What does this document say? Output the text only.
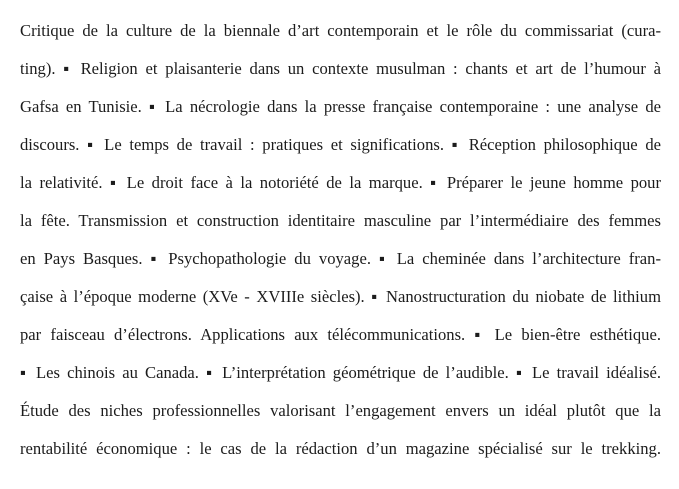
Critique de la culture de la biennale d’art contemporain et le rôle du commissariat (cura-
ting). ▪ Religion et plaisanterie dans un contexte musulman : chants et art de l’humour à
Gafsa en Tunisie. ▪ La nécrologie dans la presse française contemporaine : une analyse de
discours. ▪ Le temps de travail : pratiques et significations. ▪ Réception philosophique de
la relativité. ▪ Le droit face à la notoriété de la marque. ▪ Préparer le jeune homme pour
la fête. Transmission et construction identitaire masculine par l’intermédiaire des femmes
en Pays Basques. ▪ Psychopathologie du voyage. ▪ La cheminée dans l’architecture fran-
çaise à l’époque moderne (XVe - XVIIIe siècles). ▪ Nanostructuration du niobate de lithium
par faisceau d’électrons. Applications aux télécommunications. ▪ Le bien-être esthétique.
▪ Les chinois au Canada. ▪ L’interprétation géométrique de l’audible. ▪ Le travail idéalisé.
Étude des niches professionnelles valorisant l’engagement envers un idéal plutôt que la
rentabilité économique : le cas de la rédaction d’un magazine spécialisé sur le trekking.
